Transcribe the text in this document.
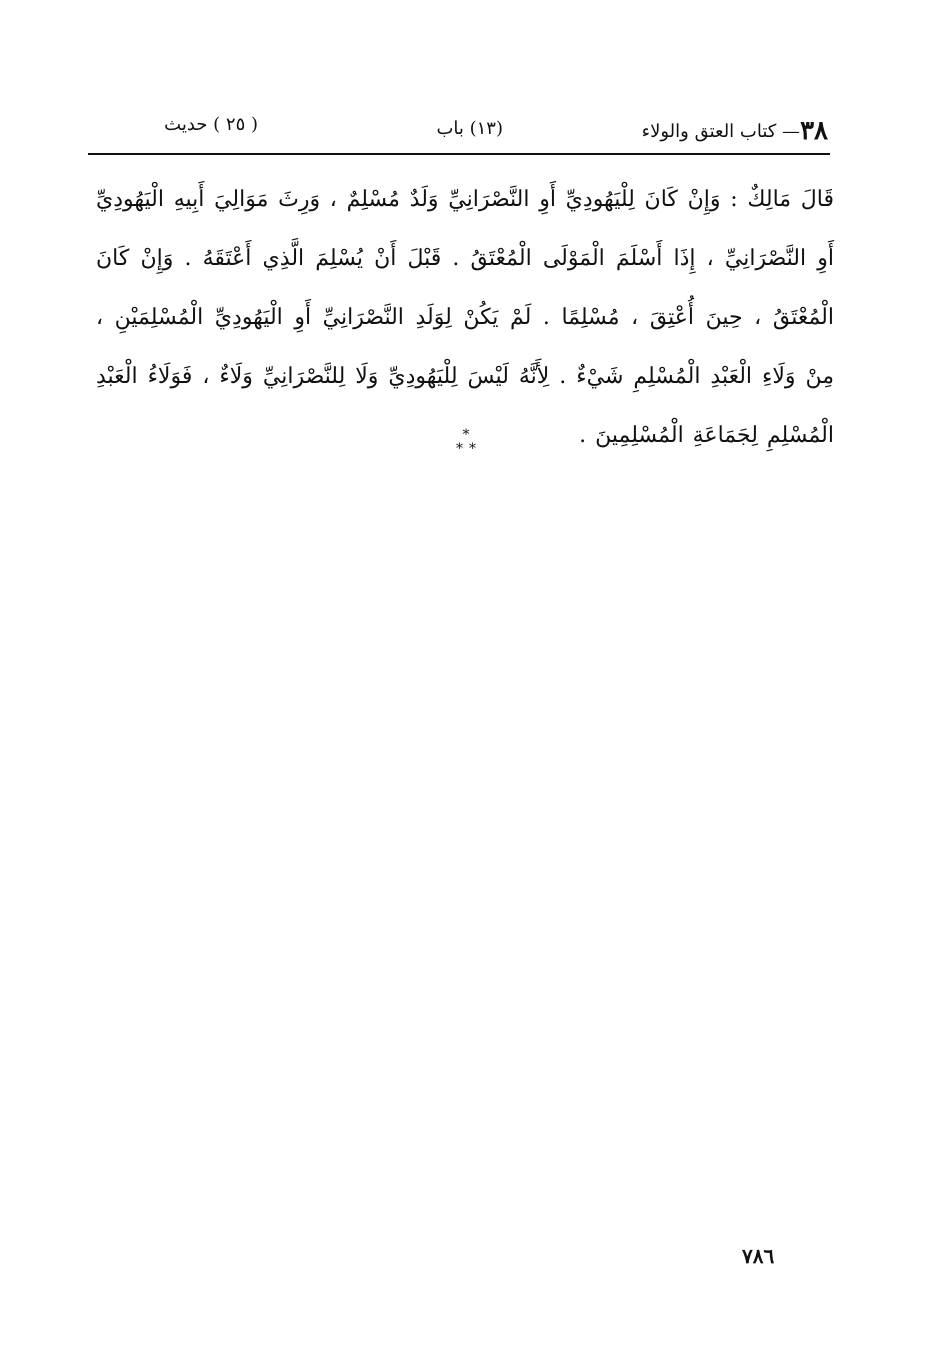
٣٨— كتاب العتق والولاء
(١٣) باب
( ٢٥ ) حديث
قَالَ مَالِكٌ : وَإِنْ كَانَ لِلْيَهُودِيِّ أَوِ النَّصْرَانِيِّ وَلَدٌ مُسْلِمٌ ، وَرِثَ مَوَالِيَ أَبِيهِ الْيَهُودِيِّ أَوِ النَّصْرَانِيِّ ، إِذَا أَسْلَمَ الْمَوْلَى الْمُعْتَقُ . قَبْلَ أَنْ يُسْلِمَ الَّذِي أَعْتَقَهُ . وَإِنْ كَانَ الْمُعْتَقُ ، حِينَ أُعْتِقَ ، مُسْلِمًا . لَمْ يَكُنْ لِوَلَدِ النَّصْرَانِيِّ أَوِ الْيَهُودِيِّ الْمُسْلِمَيْنِ ، مِنْ وَلَاءِ الْعَبْدِ الْمُسْلِمِ شَيْءٌ . لِأَنَّهُ لَيْسَ لِلْيَهُودِيِّ وَلَا لِلنَّصْرَانِيِّ وَلَاءٌ ، فَوَلَاءُ الْعَبْدِ الْمُسْلِمِ لِجَمَاعَةِ الْمُسْلِمِينَ .
*
**
٧٨٦
